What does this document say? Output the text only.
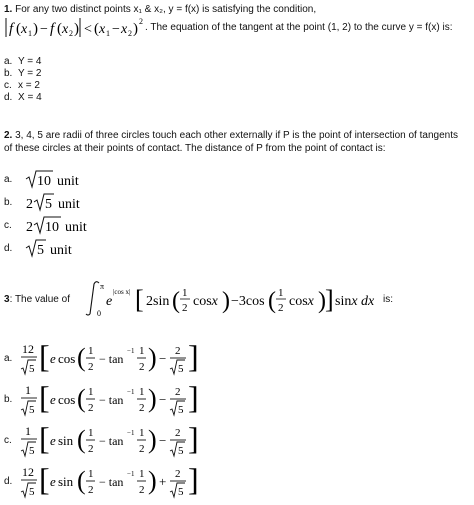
1. For any two distinct points x₁ & x₂, y = f(x) is satisfying the condition,
f ( x 1 ) − f ( x 2 ) < ( x 1 − x 2 ) 2
. The equation of the tangent at the point (1, 2) to the curve y = f(x) is:
a. Y = 4
b. Y = 2
c. x = 2
d. X = 4
2. 3, 4, 5 are radii of three circles touch each other externally if P is the point of intersection of tangents
of these circles at their points of contact. The distance of P from the point of contact is:
a. 10 unit
b. 2 5 unit
c. 2 10 unit
d. 5 unit
3: The value of
π
0
e
|cos x| [ 2sin ( 1
2 cosx ) −3cos ( 1
2 cosx ) ] sinx dx is:
a.
12
5 [ e cos ( 1
2
− tan
−1 1
2 ) − 2
5 ]
b.
1
5 [ e cos ( 1
2
− tan
−1 1
2 ) − 2
5 ]
c.
1
5 [ e sin ( 1
2
− tan
−1 1
2 ) − 2
5 ]
d.
12
5 [ e sin ( 1
2
− tan
−1 1
2 ) + 2
5 ]
